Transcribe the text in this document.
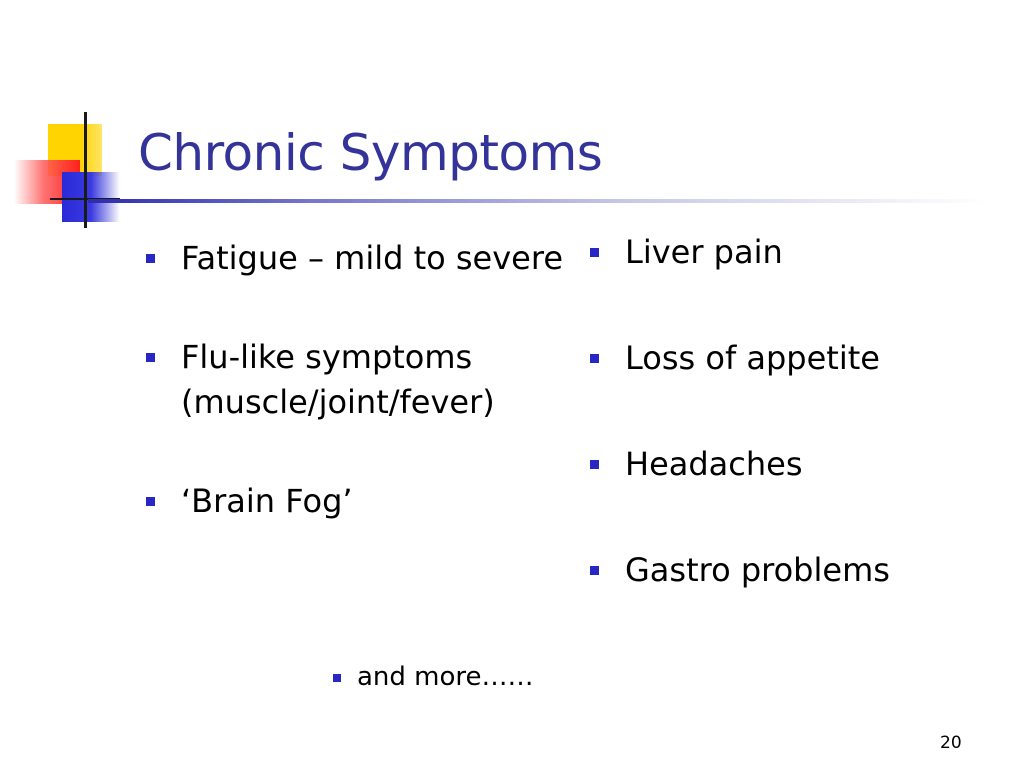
Chronic Symptoms
Fatigue – mild to severe
Flu-like symptoms (muscle/joint/fever)
‘Brain Fog’
Liver pain
Loss of appetite
Headaches
Gastro problems
and more……
20
